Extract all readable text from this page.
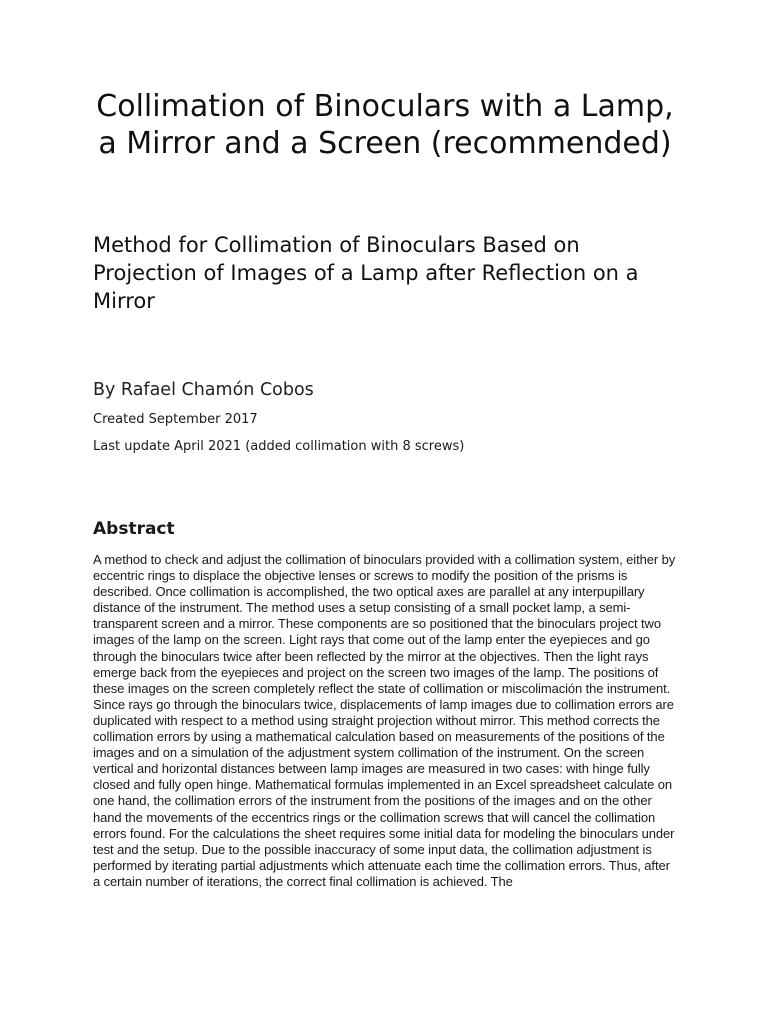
Collimation of Binoculars with a Lamp, a Mirror and a Screen (recommended)
Method for Collimation of Binoculars Based on Projection of Images of a Lamp after Reflection on a Mirror

By Rafael Chamón Cobos

Created September 2017

Last update April 2021 (added collimation with 8 screws)

Abstract

A method to check and adjust the collimation of binoculars provided with a collimation system, either by eccentric rings to displace the objective lenses or screws to modify the position of the prisms is described. Once collimation is accomplished, the two optical axes are parallel at any interpupillary distance of the instrument. The method uses a setup consisting of a small pocket lamp, a semi-transparent screen and a mirror. These components are so positioned that the binoculars project two images of the lamp on the screen. Light rays that come out of the lamp enter the eyepieces and go through the binoculars twice after been reflected by the mirror at the objectives. Then the light rays emerge back from the eyepieces and project on the screen two images of the lamp. The positions of these images on the screen completely reflect the state of collimation or miscolimación the instrument. Since rays go through the binoculars twice, displacements of lamp images due to collimation errors are duplicated with respect to a method using straight projection without mirror. This method corrects the collimation errors by using a mathematical calculation based on measurements of the positions of the images and on a simulation of the adjustment system collimation of the instrument. On the screen vertical and horizontal distances between lamp images are measured in two cases: with hinge fully closed and fully open hinge. Mathematical formulas implemented in an Excel spreadsheet calculate on one hand, the collimation errors of the instrument from the positions of the images and on the other hand the movements of the eccentrics rings or the collimation screws that will cancel the collimation errors found. For the calculations the sheet requires some initial data for modeling the binoculars under test and the setup. Due to the possible inaccuracy of some input data, the collimation adjustment is performed by iterating partial adjustments which attenuate each time the collimation errors. Thus, after a certain number of iterations, the correct final collimation is achieved. The
